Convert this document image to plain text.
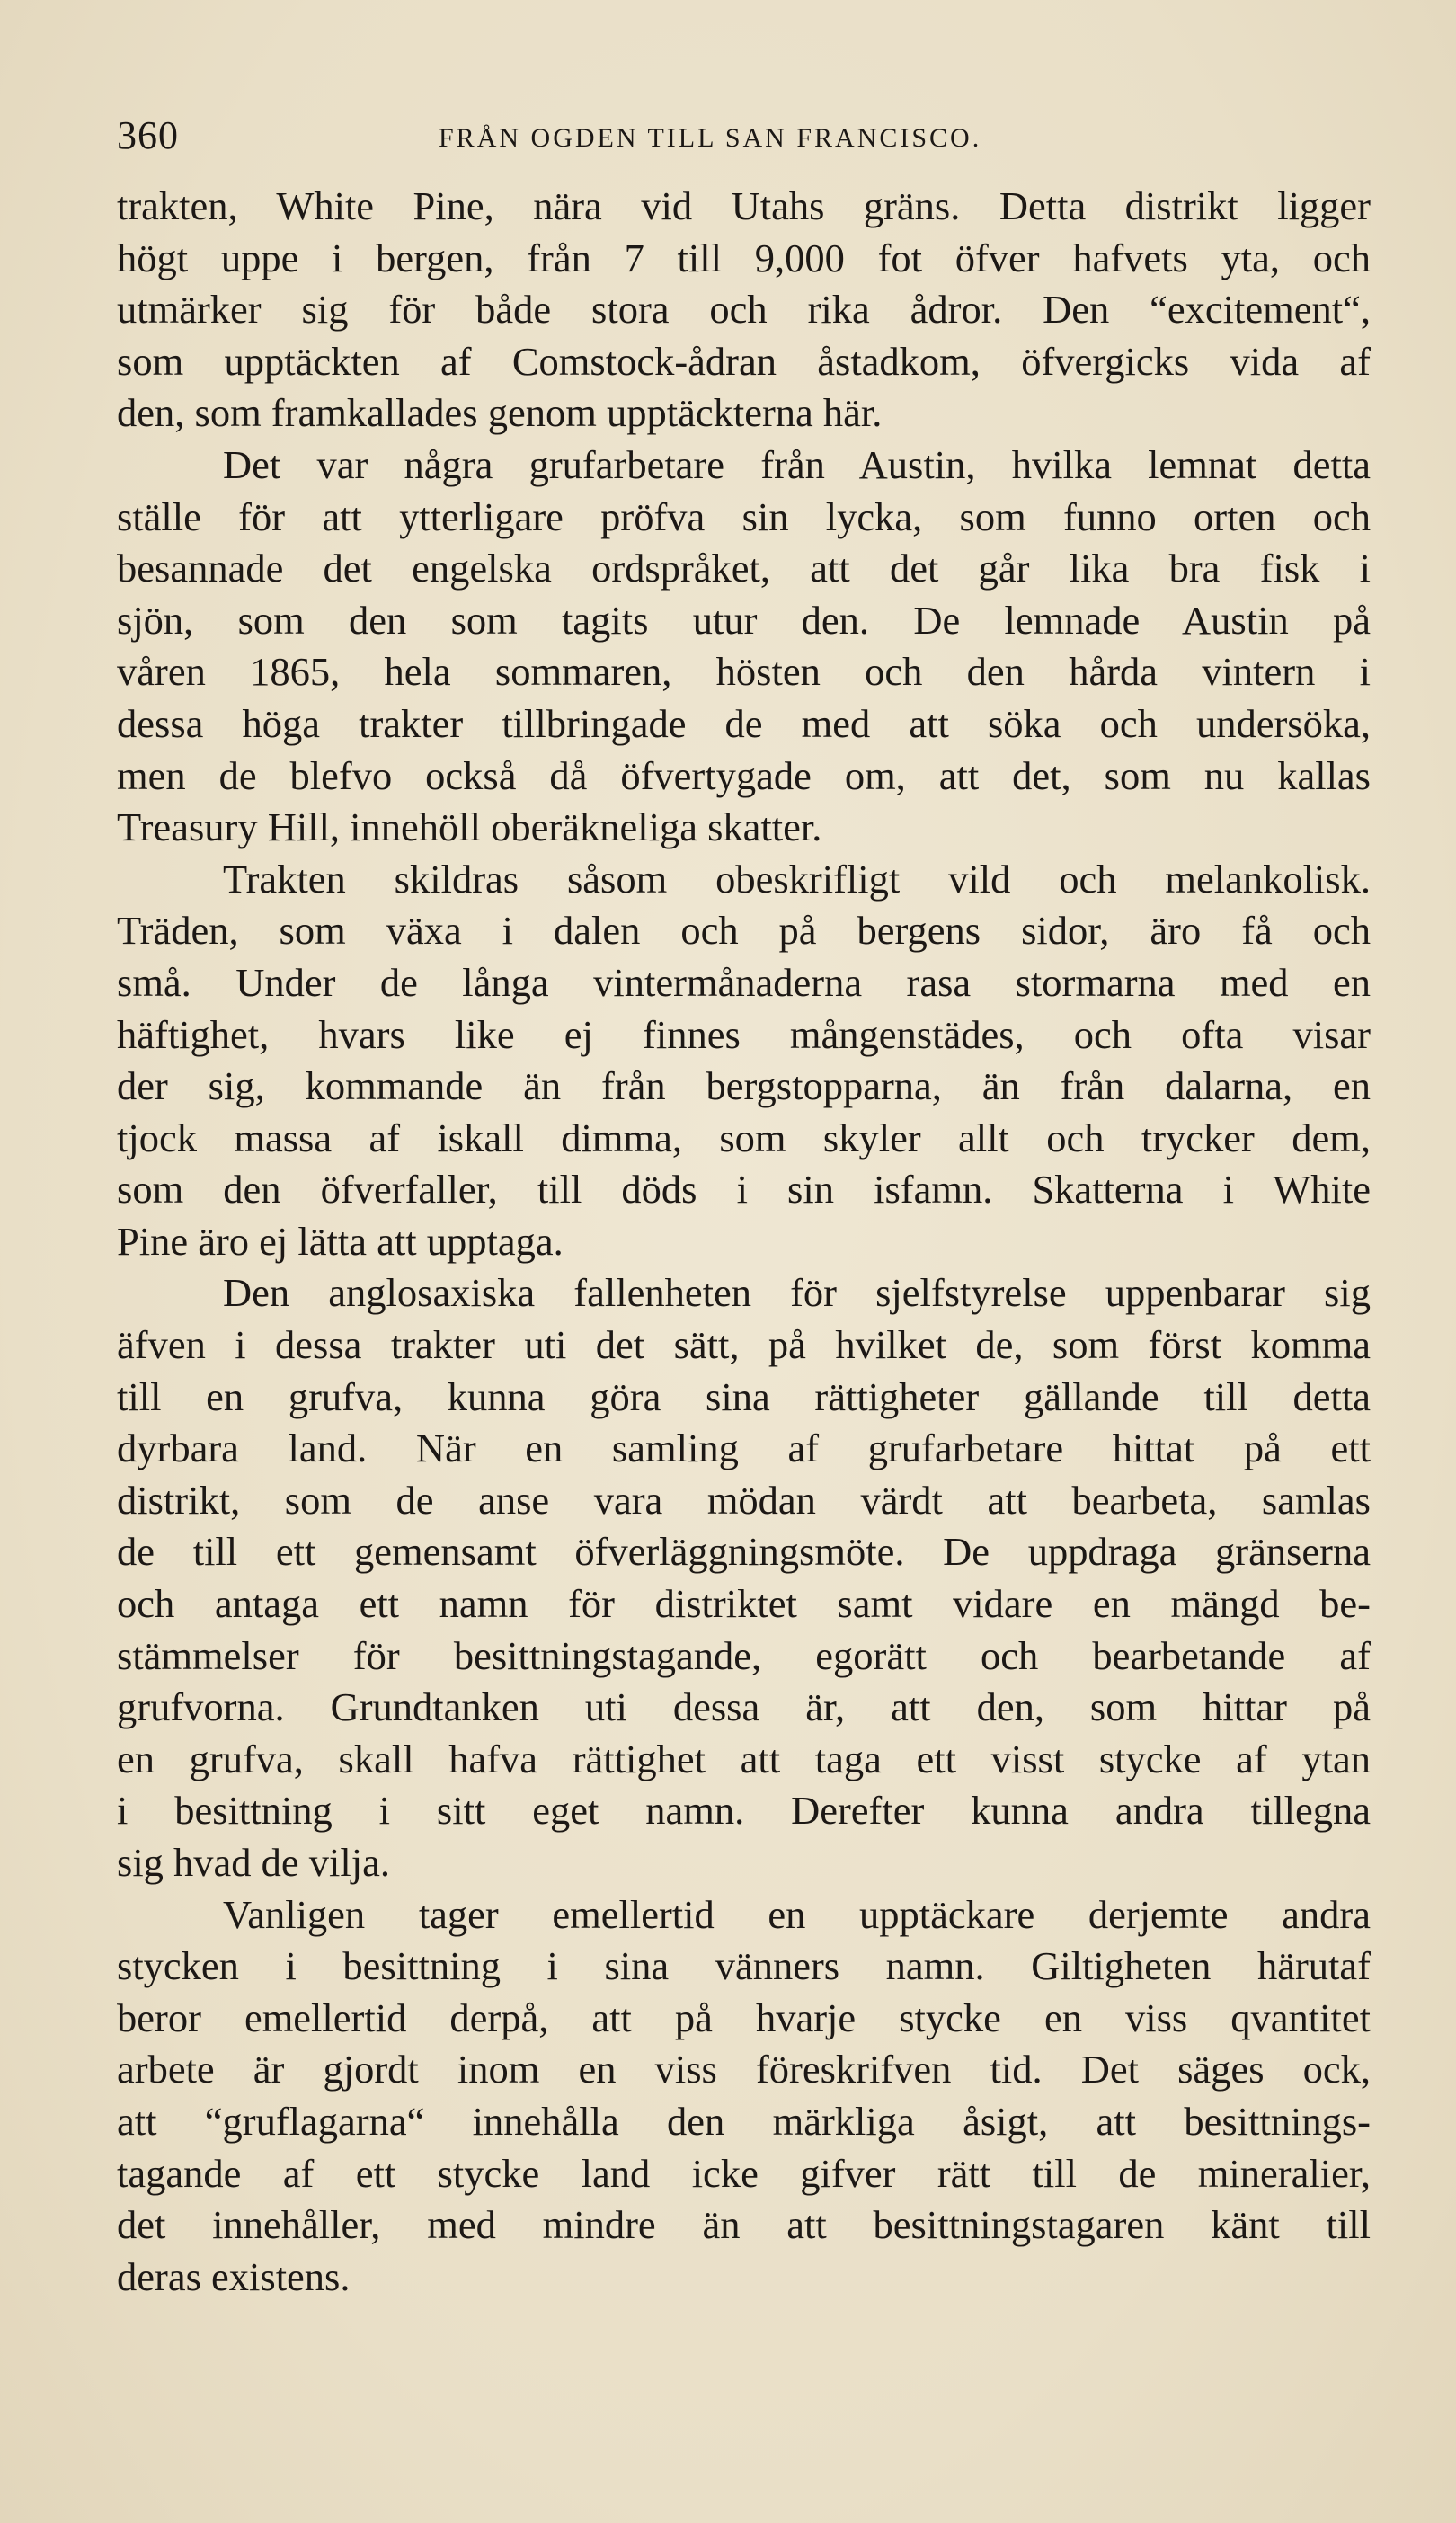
360	FRÅN OGDEN TILL SAN FRANCISCO.
trakten, White Pine, nära vid Utahs gräns. Detta distrikt ligger
högt uppe i bergen, från 7 till 9,000 fot öfver hafvets yta, och
utmärker sig för både stora och rika ådror. Den “excitement“,
som upptäckten af Comstock-ådran åstadkom, öfvergicks vida af
den, som framkallades genom upptäckterna här.
Det var några grufarbetare från Austin, hvilka lemnat detta
ställe för att ytterligare pröfva sin lycka, som funno orten och
besannade det engelska ordspråket, att det går lika bra fisk i
sjön, som den som tagits utur den. De lemnade Austin på
våren 1865, hela sommaren, hösten och den hårda vintern i
dessa höga trakter tillbringade de med att söka och undersöka,
men de blefvo också då öfvertygade om, att det, som nu kallas
Treasury Hill, innehöll oberäkneliga skatter.
Trakten skildras såsom obeskrifligt vild och melankolisk.
Träden, som växa i dalen och på bergens sidor, äro få och
små. Under de långa vintermånaderna rasa stormarna med en
häftighet, hvars like ej finnes mångenstädes, och ofta visar
der sig, kommande än från bergstopparna, än från dalarna, en
tjock massa af iskall dimma, som skyler allt och trycker dem,
som den öfverfaller, till döds i sin isfamn. Skatterna i White
Pine äro ej lätta att upptaga.
Den anglosaxiska fallenheten för sjelfstyrelse uppenbarar sig
äfven i dessa trakter uti det sätt, på hvilket de, som först komma
till en grufva, kunna göra sina rättigheter gällande till detta
dyrbara land. När en samling af grufarbetare hittat på ett
distrikt, som de anse vara mödan värdt att bearbeta, samlas
de till ett gemensamt öfverläggningsmöte. De uppdraga gränserna
och antaga ett namn för distriktet samt vidare en mängd be-
stämmelser för besittningstagande, egorätt och bearbetande af
grufvorna. Grundtanken uti dessa är, att den, som hittar på
en grufva, skall hafva rättighet att taga ett visst stycke af ytan
i besittning i sitt eget namn. Derefter kunna andra tillegna
sig hvad de vilja.
Vanligen tager emellertid en upptäckare derjemte andra
stycken i besittning i sina vänners namn. Giltigheten härutaf
beror emellertid derpå, att på hvarje stycke en viss qvantitet
arbete är gjordt inom en viss föreskrifven tid. Det säges ock,
att “gruflagarna“ innehålla den märkliga åsigt, att besittnings-
tagande af ett stycke land icke gifver rätt till de mineralier,
det innehåller, med mindre än att besittningstagaren känt till
deras existens.
